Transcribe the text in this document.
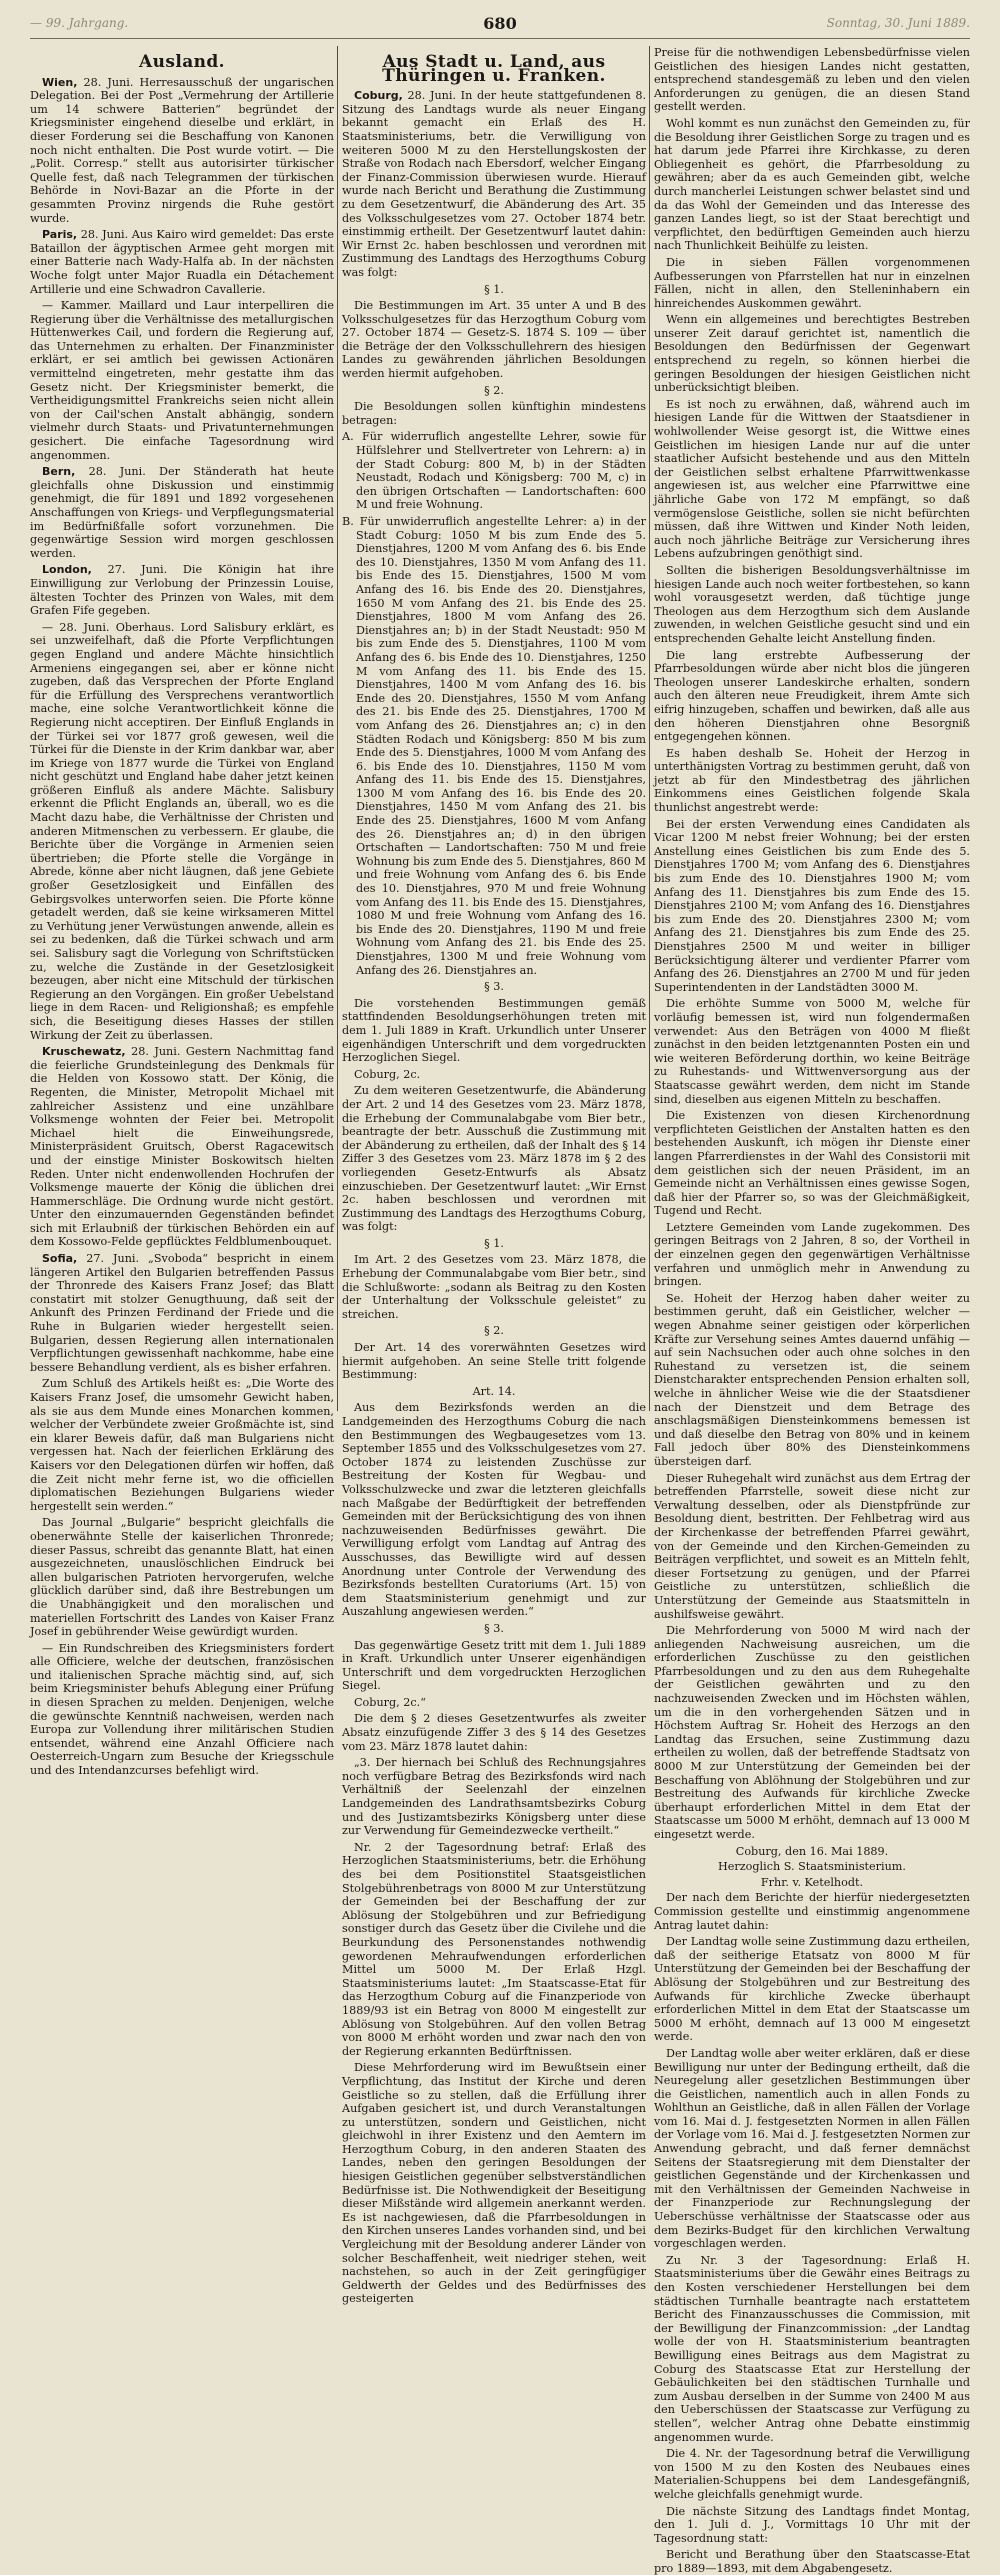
— 99. Jahrgang.	680	Sonntag, 30. Juni 1889.
Ausland.

Wien, 28. Juni. Herresausschuß der ungarischen Delegation. Bei der Post „Vermehrung der Artillerie um 14 schwere Batterien“ begründet der Kriegsminister eingehend dieselbe und erklärt, in dieser Forderung sei die Beschaffung von Kanonen noch nicht enthalten. Die Post wurde votirt. — Die „Polit. Corresp.“ stellt aus autorisirter türkischer Quelle fest, daß nach Telegrammen der türkischen Behörde in Novi-Bazar an die Pforte in der gesammten Provinz nirgends die Ruhe gestört wurde.

Paris, 28. Juni. Aus Kairo wird gemeldet: Das erste Bataillon der ägyptischen Armee geht morgen mit einer Batterie nach Wady-Halfa ab. In der nächsten Woche folgt unter Major Ruadla ein Détachement Artillerie und eine Schwadron Cavallerie.

— Kammer. Maillard und Laur interpelliren die Regierung über die Verhältnisse des metallurgischen Hüttenwerkes Cail, und fordern die Regierung auf, das Unternehmen zu erhalten. Der Finanzminister erklärt, er sei amtlich bei gewissen Actionären vermittelnd eingetreten, mehr gestatte ihm das Gesetz nicht. Der Kriegsminister bemerkt, die Vertheidigungsmittel Frankreichs seien nicht allein von der Cail'schen Anstalt abhängig, sondern vielmehr durch Staats- und Privatunternehmungen gesichert. Die einfache Tagesordnung wird angenommen.

Bern, 28. Juni. Der Ständerath hat heute gleichfalls ohne Diskussion und einstimmig genehmigt, die für 1891 und 1892 vorgesehenen Anschaffungen von Kriegs- und Verpflegungsmaterial im Bedürfnißfalle sofort vorzunehmen. Die gegenwärtige Session wird morgen geschlossen werden.

London, 27. Juni. Die Königin hat ihre Einwilligung zur Verlobung der Prinzessin Louise, ältesten Tochter des Prinzen von Wales, mit dem Grafen Fife gegeben.

— 28. Juni. Oberhaus. Lord Salisbury erklärt, es sei unzweifelhaft, daß die Pforte Verpflichtungen gegen England und andere Mächte hinsichtlich Armeniens eingegangen sei, aber er könne nicht zugeben, daß das Versprechen der Pforte England für die Erfüllung des Versprechens verantwortlich mache, eine solche Verantwortlichkeit könne die Regierung nicht acceptiren. Der Einfluß Englands in der Türkei sei vor 1877 groß gewesen, weil die Türkei für die Dienste in der Krim dankbar war, aber im Kriege von 1877 wurde die Türkei von England nicht geschützt und England habe daher jetzt keinen größeren Einfluß als andere Mächte. Salisbury erkennt die Pflicht Englands an, überall, wo es die Macht dazu habe, die Verhältnisse der Christen und anderen Mitmenschen zu verbessern. Er glaube, die Berichte über die Vorgänge in Armenien seien übertrieben; die Pforte stelle die Vorgänge in Abrede, könne aber nicht läugnen, daß jene Gebiete großer Gesetzlosigkeit und Einfällen des Gebirgsvolkes unterworfen seien. Die Pforte könne getadelt werden, daß sie keine wirksameren Mittel zu Verhütung jener Verwüstungen anwende, allein es sei zu bedenken, daß die Türkei schwach und arm sei. Salisbury sagt die Vorlegung von Schriftstücken zu, welche die Zustände in der Gesetzlosigkeit bezeugen, aber nicht eine Mitschuld der türkischen Regierung an den Vorgängen. Ein großer Uebelstand liege in dem Racen- und Religionshaß; es empfehle sich, die Beseitigung dieses Hasses der stillen Wirkung der Zeit zu überlassen.

Kruschewatz, 28. Juni. Gestern Nachmittag fand die feierliche Grundsteinlegung des Denkmals für die Helden von Kossowo statt. Der König, die Regenten, die Minister, Metropolit Michael mit zahlreicher Assistenz und eine unzählbare Volksmenge wohnten der Feier bei. Metropolit Michael hielt die Einweihungsrede, Ministerpräsident Gruitsch, Oberst Ragacewitsch und der einstige Minister Boskowitsch hielten Reden. Unter nicht endenwollenden Hochrufen der Volksmenge mauerte der König die üblichen drei Hammerschläge. Die Ordnung wurde nicht gestört. Unter den einzumauernden Gegenständen befindet sich mit Erlaubniß der türkischen Behörden ein auf dem Kossowo-Felde gepflücktes Feldblumenbouquet.

Sofia, 27. Juni. „Svoboda“ bespricht in einem längeren Artikel den Bulgarien betreffenden Passus der Thronrede des Kaisers Franz Josef; das Blatt constatirt mit stolzer Genugthuung, daß seit der Ankunft des Prinzen Ferdinand der Friede und die Ruhe in Bulgarien wieder hergestellt seien. Bulgarien, dessen Regierung allen internationalen Verpflichtungen gewissenhaft nachkomme, habe eine bessere Behandlung verdient, als es bisher erfahren.

Zum Schluß des Artikels heißt es: „Die Worte des Kaisers Franz Josef, die umsomehr Gewicht haben, als sie aus dem Munde eines Monarchen kommen, welcher der Verbündete zweier Großmächte ist, sind ein klarer Beweis dafür, daß man Bulgariens nicht vergessen hat. Nach der feierlichen Erklärung des Kaisers vor den Delegationen dürfen wir hoffen, daß die Zeit nicht mehr ferne ist, wo die officiellen diplomatischen Beziehungen Bulgariens wieder hergestellt sein werden.“

Das Journal „Bulgarie“ bespricht gleichfalls die obenerwähnte Stelle der kaiserlichen Thronrede; dieser Passus, schreibt das genannte Blatt, hat einen ausgezeichneten, unauslöschlichen Eindruck bei allen bulgarischen Patrioten hervorgerufen, welche glücklich darüber sind, daß ihre Bestrebungen um die Unabhängigkeit und den moralischen und materiellen Fortschritt des Landes von Kaiser Franz Josef in gebührender Weise gewürdigt wurden.

— Ein Rundschreiben des Kriegsministers fordert alle Officiere, welche der deutschen, französischen und italienischen Sprache mächtig sind, auf, sich beim Kriegsminister behufs Ablegung einer Prüfung in diesen Sprachen zu melden. Denjenigen, welche die gewünschte Kenntniß nachweisen, werden nach Europa zur Vollendung ihrer militärischen Studien entsendet, während eine Anzahl Officiere nach Oesterreich-Ungarn zum Besuche der Kriegsschule und des Intendanzcurses befehligt wird.

Aus Stadt u. Land, aus Thüringen u. Franken.

Coburg, 28. Juni. In der heute stattgefundenen 8. Sitzung des Landtags wurde als neuer Eingang bekannt gemacht ein Erlaß des H. Staatsministeriums, betr. die Verwilligung von weiteren 5000 M zu den Herstellungskosten der Straße von Rodach nach Ebersdorf, welcher Eingang der Finanz-Commission überwiesen wurde. Hierauf wurde nach Bericht und Berathung die Zustimmung zu dem Gesetzentwurf, die Abänderung des Art. 35 des Volksschulgesetzes vom 27. October 1874 betr. einstimmig ertheilt. Der Gesetzentwurf lautet dahin: Wir Ernst 2c. haben beschlossen und verordnen mit Zustimmung des Landtags des Herzogthums Coburg was folgt:

§ 1.

Die Bestimmungen im Art. 35 unter A und B des Volksschulgesetzes für das Herzogthum Coburg vom 27. October 1874 — Gesetz-S. 1874 S. 109 — über die Beträge der den Volksschullehrern des hiesigen Landes zu gewährenden jährlichen Besoldungen werden hiermit aufgehoben.

§ 2.

Die Besoldungen sollen künftighin mindestens betragen:

A. Für widerruflich angestellte Lehrer, sowie für Hülfslehrer und Stellvertreter von Lehrern: a) in der Stadt Coburg: 800 M, b) in der Städten Neustadt, Rodach und Königsberg: 700 M, c) in den übrigen Ortschaften — Landortschaften: 600 M und freie Wohnung.

B. Für unwiderruflich angestellte Lehrer: a) in der Stadt Coburg: 1050 M bis zum Ende des 5. Dienstjahres, 1200 M vom Anfang des 6. bis Ende des 10. Dienstjahres, 1350 M vom Anfang des 11. bis Ende des 15. Dienstjahres, 1500 M vom Anfang des 16. bis Ende des 20. Dienstjahres, 1650 M vom Anfang des 21. bis Ende des 25. Dienstjahres, 1800 M vom Anfang des 26. Dienstjahres an; b) in der Stadt Neustadt: 950 M bis zum Ende des 5. Dienstjahres, 1100 M vom Anfang des 6. bis Ende des 10. Dienstjahres, 1250 M vom Anfang des 11. bis Ende des 15. Dienstjahres, 1400 M vom Anfang des 16. bis Ende des 20. Dienstjahres, 1550 M vom Anfang des 21. bis Ende des 25. Dienstjahres, 1700 M vom Anfang des 26. Dienstjahres an; c) in den Städten Rodach und Königsberg: 850 M bis zum Ende des 5. Dienstjahres, 1000 M vom Anfang des 6. bis Ende des 10. Dienstjahres, 1150 M vom Anfang des 11. bis Ende des 15. Dienstjahres, 1300 M vom Anfang des 16. bis Ende des 20. Dienstjahres, 1450 M vom Anfang des 21. bis Ende des 25. Dienstjahres, 1600 M vom Anfang des 26. Dienstjahres an; d) in den übrigen Ortschaften — Landortschaften: 750 M und freie Wohnung bis zum Ende des 5. Dienstjahres, 860 M und freie Wohnung vom Anfang des 6. bis Ende des 10. Dienstjahres, 970 M und freie Wohnung vom Anfang des 11. bis Ende des 15. Dienstjahres, 1080 M und freie Wohnung vom Anfang des 16. bis Ende des 20. Dienstjahres, 1190 M und freie Wohnung vom Anfang des 21. bis Ende des 25. Dienstjahres, 1300 M und freie Wohnung vom Anfang des 26. Dienstjahres an.

§ 3.

Die vorstehenden Bestimmungen gemäß stattfindenden Besoldungserhöhungen treten mit dem 1. Juli 1889 in Kraft. Urkundlich unter Unserer eigenhändigen Unterschrift und dem vorgedruckten Herzoglichen Siegel.

Coburg, 2c.

Zu dem weiteren Gesetzentwurfe, die Abänderung der Art. 2 und 14 des Gesetzes vom 23. März 1878, die Erhebung der Communalabgabe vom Bier betr., beantragte der betr. Ausschuß die Zustimmung mit der Abänderung zu ertheilen, daß der Inhalt des § 14 Ziffer 3 des Gesetzes vom 23. März 1878 im § 2 des vorliegenden Gesetz-Entwurfs als Absatz einzuschieben. Der Gesetzentwurf lautet: „Wir Ernst 2c. haben beschlossen und verordnen mit Zustimmung des Landtags des Herzogthums Coburg, was folgt:

§ 1.

Im Art. 2 des Gesetzes vom 23. März 1878, die Erhebung der Communalabgabe vom Bier betr., sind die Schlußworte: „sodann als Beitrag zu den Kosten der Unterhaltung der Volksschule geleistet“ zu streichen.

§ 2.

Der Art. 14 des vorerwähnten Gesetzes wird hiermit aufgehoben. An seine Stelle tritt folgende Bestimmung:

Art. 14.

Aus dem Bezirksfonds werden an die Landgemeinden des Herzogthums Coburg die nach den Bestimmungen des Wegbaugesetzes vom 13. September 1855 und des Volksschulgesetzes vom 27. October 1874 zu leistenden Zuschüsse zur Bestreitung der Kosten für Wegbau- und Volksschulzwecke und zwar die letzteren gleichfalls nach Maßgabe der Bedürftigkeit der betreffenden Gemeinden mit der Berücksichtigung des von ihnen nachzuweisenden Bedürfnisses gewährt. Die Verwilligung erfolgt vom Landtag auf Antrag des Ausschusses, das Bewilligte wird auf dessen Anordnung unter Controle der Verwendung des Bezirksfonds bestellten Curatoriums (Art. 15) von dem Staatsministerium genehmigt und zur Auszahlung angewiesen werden.“

§ 3.

Das gegenwärtige Gesetz tritt mit dem 1. Juli 1889 in Kraft. Urkundlich unter Unserer eigenhändigen Unterschrift und dem vorgedruckten Herzoglichen Siegel.

Coburg, 2c.“

Die dem § 2 dieses Gesetzentwurfes als zweiter Absatz einzufügende Ziffer 3 des § 14 des Gesetzes vom 23. März 1878 lautet dahin:

„3. Der hiernach bei Schluß des Rechnungsjahres noch verfügbare Betrag des Bezirksfonds wird nach Verhältniß der Seelenzahl der einzelnen Landgemeinden des Landrathsamtsbezirks Coburg und des Justizamtsbezirks Königsberg unter diese zur Verwendung für Gemeindezwecke vertheilt.“

Nr. 2 der Tagesordnung betraf: Erlaß des Herzoglichen Staatsministeriums, betr. die Erhöhung des bei dem Positionstitel Staatsgeistlichen Stolgebührenbetrags von 8000 M zur Unterstützung der Gemeinden bei der Beschaffung der zur Ablösung der Stolgebühren und zur Befriedigung sonstiger durch das Gesetz über die Civilehe und die Beurkundung des Personenstandes nothwendig gewordenen Mehraufwendungen erforderlichen Mittel um 5000 M. Der Erlaß Hzgl. Staatsministeriums lautet: „Im Staatscasse-Etat für das Herzogthum Coburg auf die Finanzperiode von 1889/93 ist ein Betrag von 8000 M eingestellt zur Ablösung von Stolgebühren. Auf den vollen Betrag von 8000 M erhöht worden und zwar nach den von der Regierung erkannten Bedürftnissen.

Diese Mehrforderung wird im Bewußtsein einer Verpflichtung, das Institut der Kirche und deren Geistliche so zu stellen, daß die Erfüllung ihrer Aufgaben gesichert ist, und durch Veranstaltungen zu unterstützen, sondern und Geistlichen, nicht gleichwohl in ihrer Existenz und den Aemtern im Herzogthum Coburg, in den anderen Staaten des Landes, neben den geringen Besoldungen der hiesigen Geistlichen gegenüber selbstverständlichen Bedürfnisse ist. Die Nothwendigkeit der Beseitigung dieser Mißstände wird allgemein anerkannt werden. Es ist nachgewiesen, daß die Pfarrbesoldungen in den Kirchen unseres Landes vorhanden sind, und bei Vergleichung mit der Besoldung anderer Länder von solcher Beschaffenheit, weit niedriger stehen, weit nachstehen, so auch in der Zeit geringfügiger Geldwerth der Geldes und des Bedürfnisses des gesteigerten

Preise für die nothwendigen Lebensbedürfnisse vielen Geistlichen des hiesigen Landes nicht gestatten, entsprechend standesgemäß zu leben und den vielen Anforderungen zu genügen, die an diesen Stand gestellt werden.

Wohl kommt es nun zunächst den Gemeinden zu, für die Besoldung ihrer Geistlichen Sorge zu tragen und es hat darum jede Pfarrei ihre Kirchkasse, zu deren Obliegenheit es gehört, die Pfarrbesoldung zu gewähren; aber da es auch Gemeinden gibt, welche durch mancherlei Leistungen schwer belastet sind und da das Wohl der Gemeinden und das Interesse des ganzen Landes liegt, so ist der Staat berechtigt und verpflichtet, den bedürftigen Gemeinden auch hierzu nach Thunlichkeit Beihülfe zu leisten.

Die in sieben Fällen vorgenommenen Aufbesserungen von Pfarrstellen hat nur in einzelnen Fällen, nicht in allen, den Stelleninhabern ein hinreichendes Auskommen gewährt.

Wenn ein allgemeines und berechtigtes Bestreben unserer Zeit darauf gerichtet ist, namentlich die Besoldungen den Bedürfnissen der Gegenwart entsprechend zu regeln, so können hierbei die geringen Besoldungen der hiesigen Geistlichen nicht unberücksichtigt bleiben.

Es ist noch zu erwähnen, daß, während auch im hiesigen Lande für die Wittwen der Staatsdiener in wohlwollender Weise gesorgt ist, die Wittwe eines Geistlichen im hiesigen Lande nur auf die unter staatlicher Aufsicht bestehende und aus den Mitteln der Geistlichen selbst erhaltene Pfarrwittwenkasse angewiesen ist, aus welcher eine Pfarrwittwe eine jährliche Gabe von 172 M empfängt, so daß vermögenslose Geistliche, sollen sie nicht befürchten müssen, daß ihre Wittwen und Kinder Noth leiden, auch noch jährliche Beiträge zur Versicherung ihres Lebens aufzubringen genöthigt sind.

Sollten die bisherigen Besoldungsverhältnisse im hiesigen Lande auch noch weiter fortbestehen, so kann wohl vorausgesetzt werden, daß tüchtige junge Theologen aus dem Herzogthum sich dem Auslande zuwenden, in welchen Geistliche gesucht sind und ein entsprechenden Gehalte leicht Anstellung finden.

Die lang erstrebte Aufbesserung der Pfarrbesoldungen würde aber nicht blos die jüngeren Theologen unserer Landeskirche erhalten, sondern auch den älteren neue Freudigkeit, ihrem Amte sich eifrig hinzugeben, schaffen und bewirken, daß alle aus den höheren Dienstjahren ohne Besorgniß entgegengehen können.

Es haben deshalb Se. Hoheit der Herzog in unterthänigsten Vortrag zu bestimmen geruht, daß von jetzt ab für den Mindestbetrag des jährlichen Einkommens eines Geistlichen folgende Skala thunlichst angestrebt werde:

Bei der ersten Verwendung eines Candidaten als Vicar 1200 M nebst freier Wohnung; bei der ersten Anstellung eines Geistlichen bis zum Ende des 5. Dienstjahres 1700 M; vom Anfang des 6. Dienstjahres bis zum Ende des 10. Dienstjahres 1900 M; vom Anfang des 11. Dienstjahres bis zum Ende des 15. Dienstjahres 2100 M; vom Anfang des 16. Dienstjahres bis zum Ende des 20. Dienstjahres 2300 M; vom Anfang des 21. Dienstjahres bis zum Ende des 25. Dienstjahres 2500 M und weiter in billiger Berücksichtigung älterer und verdienter Pfarrer vom Anfang des 26. Dienstjahres an 2700 M und für jeden Superintendenten in der Landstädten 3000 M.

Die erhöhte Summe von 5000 M, welche für vorläufig bemessen ist, wird nun folgendermaßen verwendet: Aus den Beträgen von 4000 M fließt zunächst in den beiden letztgenannten Posten ein und wie weiteren Beförderung dorthin, wo keine Beiträge zu Ruhestands- und Wittwenversorgung aus der Staatscasse gewährt werden, dem nicht im Stande sind, dieselben aus eigenen Mitteln zu beschaffen.

Die Existenzen von diesen Kirchenordnung verpflichteten Geistlichen der Anstalten hatten es den bestehenden Auskunft, ich mögen ihr Dienste einer langen Pfarrerdienstes in der Wahl des Consistorii mit dem geistlichen sich der neuen Präsident, im an Gemeinde nicht an Verhältnissen eines gewisse Sogen, daß hier der Pfarrer so, so was der Gleichmäßigkeit, Tugend und Recht.

Letztere Gemeinden vom Lande zugekommen. Des geringen Beitrags von 2 Jahren, 8 so, der Vortheil in der einzelnen gegen den gegenwärtigen Verhältnisse verfahren und unmöglich mehr in Anwendung zu bringen.

Se. Hoheit der Herzog haben daher weiter zu bestimmen geruht, daß ein Geistlicher, welcher — wegen Abnahme seiner geistigen oder körperlichen Kräfte zur Versehung seines Amtes dauernd unfähig — auf sein Nachsuchen oder auch ohne solches in den Ruhestand zu versetzen ist, die seinem Dienstcharakter entsprechenden Pension erhalten soll, welche in ähnlicher Weise wie die der Staatsdiener nach der Dienstzeit und dem Betrage des anschlagsmäßigen Diensteinkommens bemessen ist und daß dieselbe den Betrag von 80% und in keinem Fall jedoch über 80% des Diensteinkommens übersteigen darf.

Dieser Ruhegehalt wird zunächst aus dem Ertrag der betreffenden Pfarrstelle, soweit diese nicht zur Verwaltung desselben, oder als Dienstpfründe zur Besoldung dient, bestritten. Der Fehlbetrag wird aus der Kirchenkasse der betreffenden Pfarrei gewährt, von der Gemeinde und den Kirchen-Gemeinden zu Beiträgen verpflichtet, und soweit es an Mitteln fehlt, dieser Fortsetzung zu genügen, und der Pfarrei Geistliche zu unterstützen, schließlich die Unterstützung der Gemeinde aus Staatsmitteln in aushilfsweise gewährt.

Die Mehrforderung von 5000 M wird nach der anliegenden Nachweisung ausreichen, um die erforderlichen Zuschüsse zu den geistlichen Pfarrbesoldungen und zu den aus dem Ruhegehalte der Geistlichen gewährten und zu den nachzuweisenden Zwecken und im Höchsten wählen, um die in den vorhergehenden Sätzen und in Höchstem Auftrag Sr. Hoheit des Herzogs an den Landtag das Ersuchen, seine Zustimmung dazu ertheilen zu wollen, daß der betreffende Stadtsatz von 8000 M zur Unterstützung der Gemeinden bei der Beschaffung von Ablöhnung der Stolgebühren und zur Bestreitung des Aufwands für kirchliche Zwecke überhaupt erforderlichen Mittel in dem Etat der Staatscasse um 5000 M erhöht, demnach auf 13 000 M eingesetzt werde.

Coburg, den 16. Mai 1889.

Herzoglich S. Staatsministerium.

Frhr. v. Ketelhodt.

Der nach dem Berichte der hierfür niedergesetzten Commission gestellte und einstimmig angenommene Antrag lautet dahin:

Der Landtag wolle seine Zustimmung dazu ertheilen, daß der seitherige Etatsatz von 8000 M für Unterstützung der Gemeinden bei der Beschaffung der Ablösung der Stolgebühren und zur Bestreitung des Aufwands für kirchliche Zwecke überhaupt erforderlichen Mittel in dem Etat der Staatscasse um 5000 M erhöht, demnach auf 13 000 M eingesetzt werde.

Der Landtag wolle aber weiter erklären, daß er diese Bewilligung nur unter der Bedingung ertheilt, daß die Neuregelung aller gesetzlichen Bestimmungen über die Geistlichen, namentlich auch in allen Fonds zu Wohlthun an Geistliche, daß in allen Fällen der Vorlage vom 16. Mai d. J. festgesetzten Normen in allen Fällen der Vorlage vom 16. Mai d. J. festgesetzten Normen zur Anwendung gebracht, und daß ferner demnächst Seitens der Staatsregierung mit dem Dienstalter der geistlichen Gegenstände und der Kirchenkassen und mit den Verhältnissen der Gemeinden Nachweise in der Finanzperiode zur Rechnungslegung der Ueberschüsse verhältnisse der Staatscasse oder aus dem Bezirks-Budget für den kirchlichen Verwaltung vorgeschlagen werden.

Zu Nr. 3 der Tagesordnung: Erlaß H. Staatsministeriums über die Gewähr eines Beitrags zu den Kosten verschiedener Herstellungen bei dem städtischen Turnhalle beantragte nach erstattetem Bericht des Finanzausschusses die Commission, mit der Bewilligung der Finanzcommission: „der Landtag wolle der von H. Staatsministerium beantragten Bewilligung eines Beitrags aus dem Magistrat zu Coburg des Staatscasse Etat zur Herstellung der Gebäulichkeiten bei den städtischen Turnhalle und zum Ausbau derselben in der Summe von 2400 M aus den Ueberschüssen der Staatscasse zur Verfügung zu stellen“, welcher Antrag ohne Debatte einstimmig angenommen wurde.

Die 4. Nr. der Tagesordnung betraf die Verwilligung von 1500 M zu den Kosten des Neubaues eines Materialien-Schuppens bei dem Landesgefängniß, welche gleichfalls genehmigt wurde.

Die nächste Sitzung des Landtags findet Montag, den 1. Juli d. J., Vormittags 10 Uhr mit der Tagesordnung statt:

Bericht und Berathung über den Staatscasse-Etat pro 1889—1893, mit dem Abgabengesetz.
